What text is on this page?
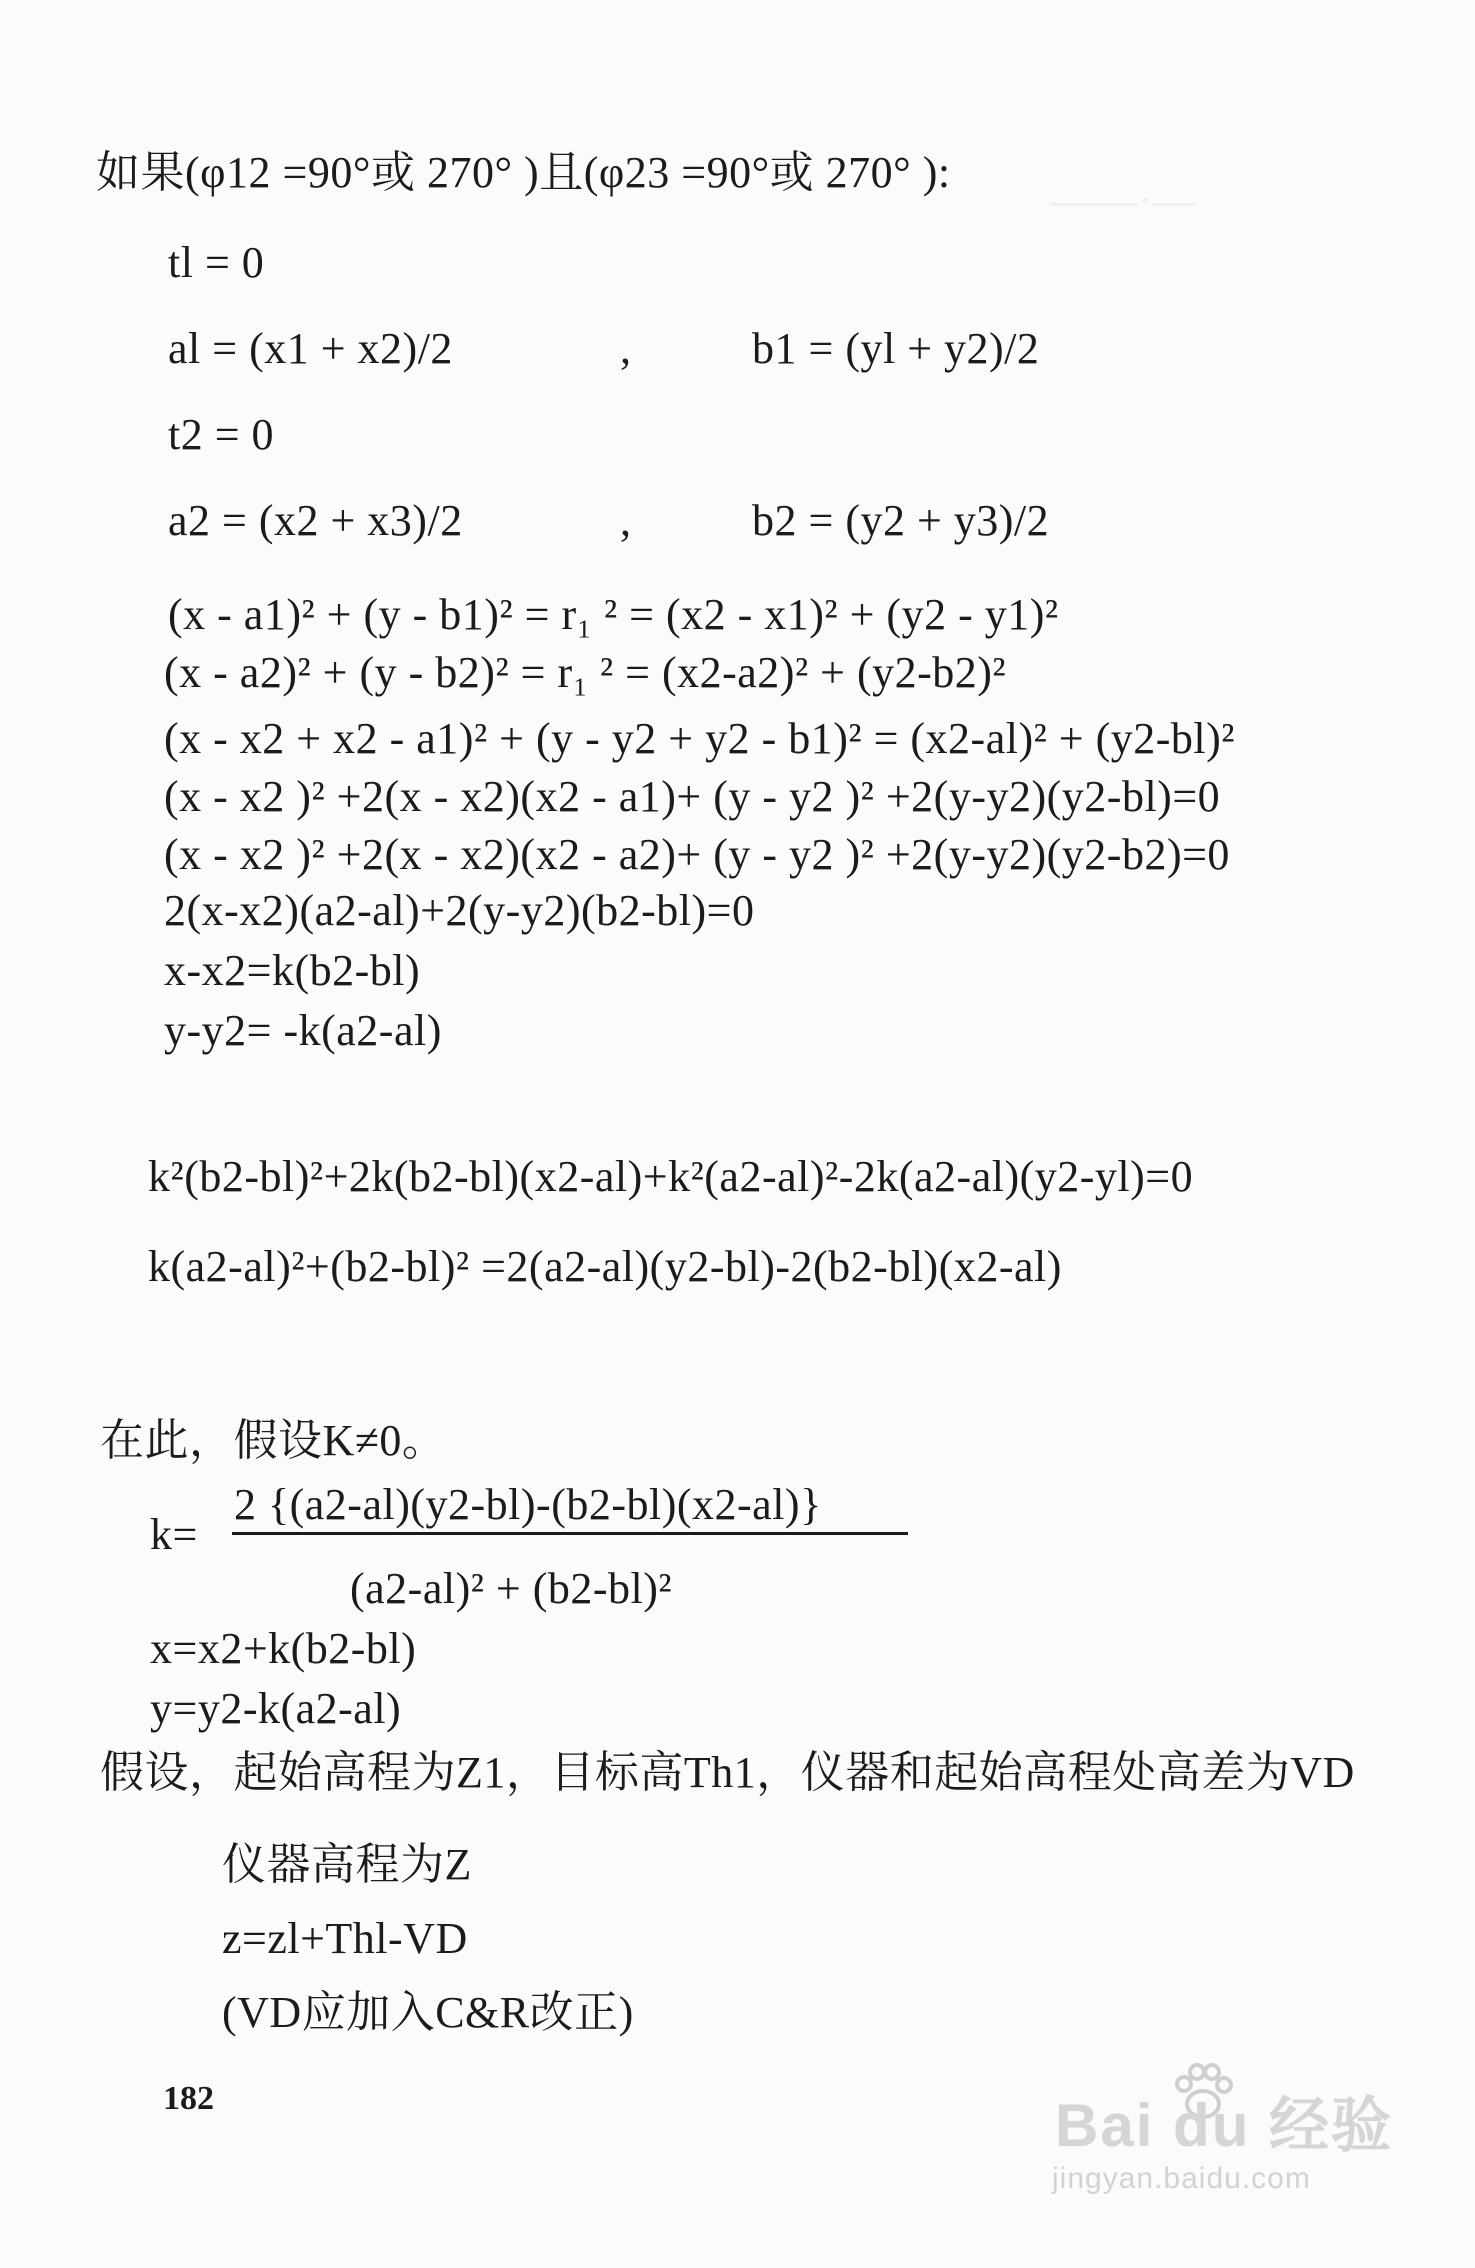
——·—
如果(φ12 =90°或 270° )且(φ23 =90°或 270° ):
tl = 0
al = (x1 + x2)/2	,	b1 = (yl + y2)/2
t2 = 0
a2 = (x2 + x3)/2	,	b2 = (y2 + y3)/2
(x - a1)² + (y - b1)² = r₁ ² = (x2 - x1)² + (y2 - y1)²
(x - a2)² + (y - b2)² = r₁ ² = (x2-a2)² + (y2-b2)²
(x - x2 + x2 - a1)² + (y - y2 + y2 - b1)² = (x2-al)² + (y2-bl)²
(x - x2 )² +2(x - x2)(x2 - a1)+ (y - y2 )² +2(y-y2)(y2-bl)=0
(x - x2 )² +2(x - x2)(x2 - a2)+ (y - y2 )² +2(y-y2)(y2-b2)=0
2(x-x2)(a2-al)+2(y-y2)(b2-bl)=0
x-x2=k(b2-bl)
y-y2= -k(a2-al)
k²(b2-bl)²+2k(b2-bl)(x2-al)+k²(a2-al)²-2k(a2-al)(y2-yl)=0
k(a2-al)²+(b2-bl)² =2(a2-al)(y2-bl)-2(b2-bl)(x2-al)
在此，假设K≠0。
k=
2 {(a2-al)(y2-bl)-(b2-bl)(x2-al)}
(a2-al)² + (b2-bl)²
x=x2+k(b2-bl)
y=y2-k(a2-al)
假设，起始高程为Z1，目标高Th1，仪器和起始高程处高差为VD
仪器高程为Z
z=zl+Thl-VD
(VD应加入C&R改正)
182	Bai du 经验
jingyan.baidu.com
